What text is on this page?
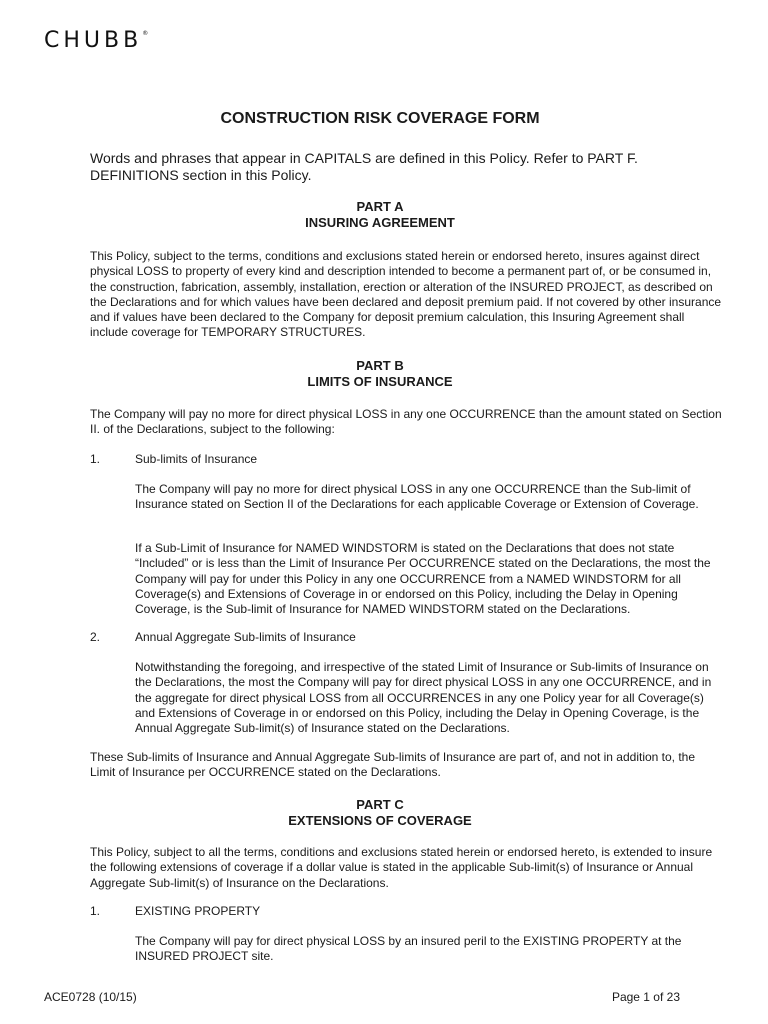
CHUBB®
CONSTRUCTION RISK COVERAGE FORM

Words and phrases that appear in CAPITALS are defined in this Policy. Refer to PART F. DEFINITIONS section in this Policy.

PART A
INSURING AGREEMENT

This Policy, subject to the terms, conditions and exclusions stated herein or endorsed hereto, insures against direct physical LOSS to property of every kind and description intended to become a permanent part of, or be consumed in, the construction, fabrication, assembly, installation, erection or alteration of the INSURED PROJECT, as described on the Declarations and for which values have been declared and deposit premium paid. If not covered by other insurance and if values have been declared to the Company for deposit premium calculation, this Insuring Agreement shall include coverage for TEMPORARY STRUCTURES.

PART B
LIMITS OF INSURANCE

The Company will pay no more for direct physical LOSS in any one OCCURRENCE than the amount stated on Section II. of the Declarations, subject to the following:

1.	Sub-limits of Insurance

The Company will pay no more for direct physical LOSS in any one OCCURRENCE than the Sub-limit of Insurance stated on Section II of the Declarations for each applicable Coverage or Extension of Coverage.

If a Sub-Limit of Insurance for NAMED WINDSTORM is stated on the Declarations that does not state “Included” or is less than the Limit of Insurance Per OCCURRENCE stated on the Declarations, the most the Company will pay for under this Policy in any one OCCURRENCE from a NAMED WINDSTORM for all Coverage(s) and Extensions of Coverage in or endorsed on this Policy, including the Delay in Opening Coverage, is the Sub-limit of Insurance for NAMED WINDSTORM stated on the Declarations.

2.	Annual Aggregate Sub-limits of Insurance

Notwithstanding the foregoing, and irrespective of the stated Limit of Insurance or Sub-limits of Insurance on the Declarations, the most the Company will pay for direct physical LOSS in any one OCCURRENCE, and in the aggregate for direct physical LOSS from all OCCURRENCES in any one Policy year for all Coverage(s) and Extensions of Coverage in or endorsed on this Policy, including the Delay in Opening Coverage, is the Annual Aggregate Sub-limit(s) of Insurance stated on the Declarations.

These Sub-limits of Insurance and Annual Aggregate Sub-limits of Insurance are part of, and not in addition to, the Limit of Insurance per OCCURRENCE stated on the Declarations.

PART C
EXTENSIONS OF COVERAGE

This Policy, subject to all the terms, conditions and exclusions stated herein or endorsed hereto, is extended to insure the following extensions of coverage if a dollar value is stated in the applicable Sub-limit(s) of Insurance or Annual Aggregate Sub-limit(s) of Insurance on the Declarations.

1.	EXISTING PROPERTY

The Company will pay for direct physical LOSS by an insured peril to the EXISTING PROPERTY at the INSURED PROJECT site.

ACE0728 (10/15)	Page 1 of 23
